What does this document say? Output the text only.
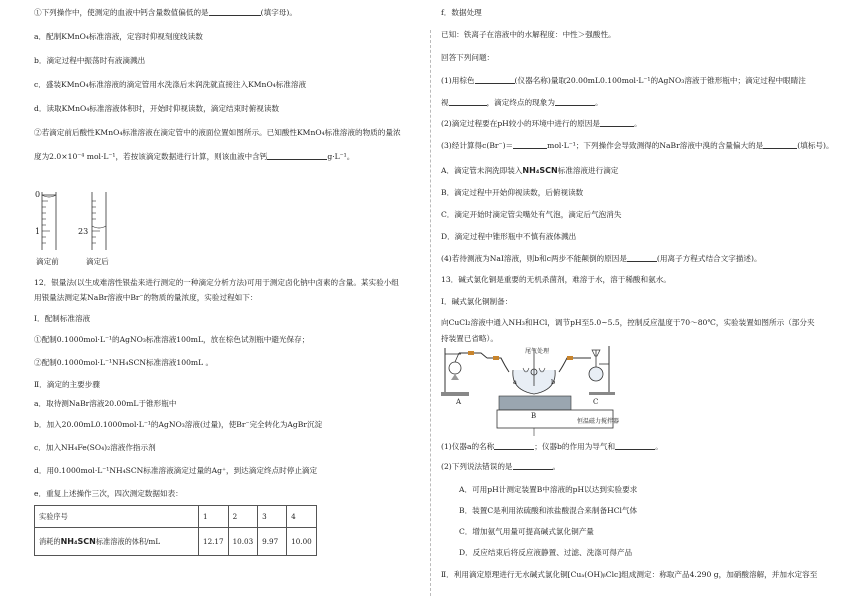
①下列操作中，使测定的血液中钙含量数值偏低的是	(填字母)。
a．配制KMnO₄标准溶液，定容时仰视刻度线读数
b．滴定过程中振荡时有液滴溅出
c．盛装KMnO₄标准溶液的滴定管用水洗涤后未润洗就直接注入KMnO₄标准溶液
d．读取KMnO₄标准溶液体积时，开始时仰视读数，滴定结束时俯视读数
②若滴定前后酸性KMnO₄标准溶液在滴定管中的液面位置如图所示。已知酸性KMnO₄标准溶液的物质的量浓
度为2.0×10⁻⁴ mol·L⁻¹，若按该滴定数据进行计算，则该血液中含钙	g·L⁻¹。
0
1	23
滴定前	滴定后
12．银量法(以生成难溶性银盐来进行测定的一种滴定分析方法)可用于测定卤化钠中卤素的含量。某实验小组
用银量法测定某NaBr溶液中Br⁻的物质的量浓度，实验过程如下：
Ⅰ．配制标准溶液
①配制0.1000mol·L⁻¹的AgNO₃标准溶液100mL，放在棕色试剂瓶中避光保存；
②配制0.1000mol·L⁻¹NH₄SCN标准溶液100mL 。
Ⅱ．滴定的主要步骤
a．取待测NaBr溶液20.00mL于锥形瓶中
b．加入20.00mL0.1000mol·L⁻¹的AgNO₃溶液(过量)，使Br⁻完全转化为AgBr沉淀
c．加入NH₄Fe(SO₄)₂溶液作指示剂
d．用0.1000mol·L⁻¹NH₄SCN标准溶液滴定过量的Ag⁺，到达滴定终点时停止滴定
e．重复上述操作三次，四次测定数据如表：
实验序号	1	2	3	4
消耗的NH₄SCN标准溶液的体积/mL	12.17	10.03	9.97	10.00
f．数据处理
已知：铁离子在溶液中的水解程度：中性＞强酸性。
回答下列问题：
(1)用棕色	(仪器名称)量取20.00mL0.100mol·L⁻¹的AgNO₃溶液于锥形瓶中；滴定过程中眼睛注
视	，滴定终点的现象为	。
(2)滴定过程要在pH较小的环境中进行的原因是	。
(3)经计算得c(Br⁻)＝	mol·L⁻¹；下列操作会导致测得的NaBr溶液中溴的含量偏大的是	(填标号)。
A．滴定管未润洗即装入NH₄SCN标准溶液进行滴定
B．滴定过程中开始仰视读数，后俯视读数
C．滴定开始时滴定管尖嘴处有气泡，滴定后气泡消失
D．滴定过程中锥形瓶中不慎有液体溅出
(4)若待测液为NaI溶液，则b和c两步不能颠倒的原因是	(用离子方程式结合文字描述)。
13．碱式氯化铜是重要的无机杀菌剂，难溶于水，溶于稀酸和氨水。
Ⅰ．碱式氯化铜制备：
向CuCl₂溶液中通入NH₃和HCl，调节pH至5.0~5.5，控制反应温度于70～80℃，实验装置如图所示（部分夹
持装置已省略）。
A
尾气处理
a	b
B
恒温磁力搅拌器
C
(1)仪器a的名称	；仪器b的作用为导气和	。
(2)下列说法错误的是	。
A．可用pH计测定装置B中溶液的pH以达到实验要求
B．装置C是利用浓硫酸和浓盐酸混合来制备HCl气体
C．增加氨气用量可提高碱式氯化铜产量
D．反应结束后将反应液静置、过滤、洗涤可得产品
Ⅱ．利用滴定原理进行无水碱式氯化铜[Cuₐ(OH)ᵦClc]组成测定：称取产品4.290 g，加硝酸溶解，并加水定容至
